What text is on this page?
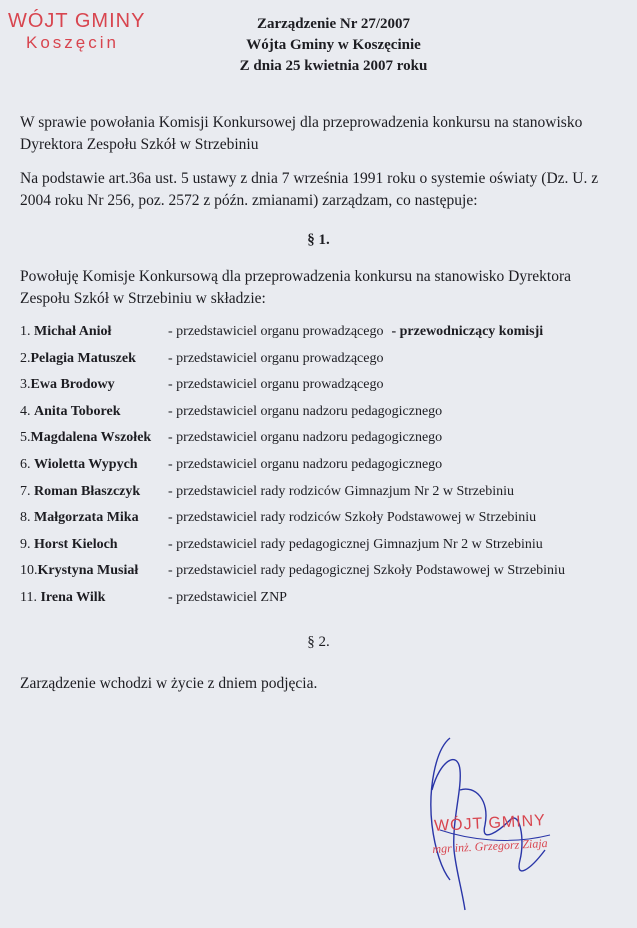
WÓJT GMINY
Koszęcin
Zarządzenie Nr 27/2007
Wójta Gminy w Koszęcinie
Z dnia 25 kwietnia 2007 roku
W sprawie powołania Komisji Konkursowej dla przeprowadzenia konkursu na stanowisko Dyrektora Zespołu Szkół w Strzebiniu
Na podstawie art.36a ust. 5 ustawy z dnia 7 września 1991 roku o systemie oświaty (Dz. U. z 2004 roku Nr 256, poz. 2572 z późn. zmianami) zarządzam, co następuje:
§ 1.
Powołuję Komisje Konkursową dla przeprowadzenia konkursu na stanowisko Dyrektora Zespołu Szkół w Strzebiniu w składzie:
1. Michał Anioł	- przedstawiciel organu prowadzącego - przewodniczący komisji
2.Pelagia Matuszek - przedstawiciel organu prowadzącego
3.Ewa Brodowy	- przedstawiciel organu prowadzącego
4. Anita Toborek	- przedstawiciel organu nadzoru pedagogicznego
5.Magdalena Wszołek - przedstawiciel organu nadzoru pedagogicznego
6. Wioletta Wypych - przedstawiciel organu nadzoru pedagogicznego
7. Roman Błaszczyk - przedstawiciel rady rodziców Gimnazjum Nr 2 w Strzebiniu
8. Małgorzata Mika - przedstawiciel rady rodziców Szkoły Podstawowej w Strzebiniu
9. Horst Kieloch	- przedstawiciel rady pedagogicznej Gimnazjum Nr 2 w Strzebiniu
10.Krystyna Musiał - przedstawiciel rady pedagogicznej Szkoły Podstawowej w Strzebiniu
11. Irena Wilk	- przedstawiciel ZNP
§ 2.
Zarządzenie wchodzi w życie z dniem podjęcia.
WÓJT GMINY
mgr inż. Grzegorz Ziaja
